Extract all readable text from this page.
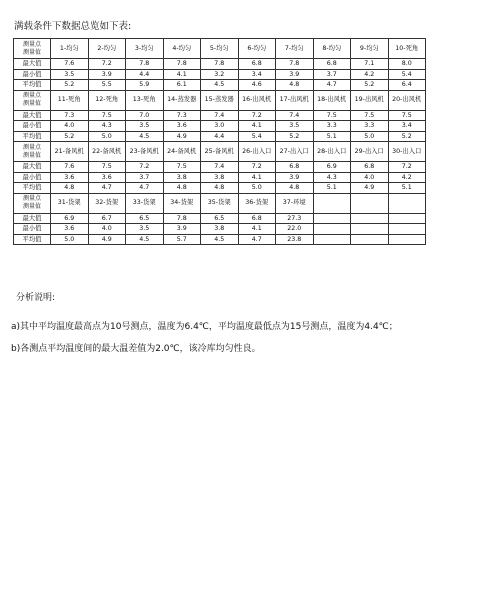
满载条件下数据总览如下表:
测量点
测量值	1-均匀	2-均匀	3-均匀	4-均匀	5-均匀	6-均匀	7-均匀	8-均匀	9-均匀	10-死角
最大值	7.6	7.2	7.8	7.8	7.8	6.8	7.8	6.8	7.1	8.0
最小值	3.5	3.9	4.4	4.1	3.2	3.4	3.9	3.7	4.2	5.4
平均值	5.2	5.5	5.9	6.1	4.5	4.6	4.8	4.7	5.2	6.4

测量点
测量值	11-死角	12-死角	13-死角	14-蒸发器	15-蒸发器	16-出风机	17-出风机	18-出风机	19-出风机	20-出风机
最大值	7.3	7.5	7.0	7.3	7.4	7.2	7.4	7.5	7.5	7.5
最小值	4.0	4.3	3.5	3.6	3.0	4.1	3.5	3.3	3.3	3.4
平均值	5.2	5.0	4.5	4.9	4.4	5.4	5.2	5.1	5.0	5.2

测量点
测量值	21-备风机	22-备风机	23-备风机	24-备风机	25-备风机	26-出入口	27-出入口	28-出入口	29-出入口	30-出入口
最大值	7.6	7.5	7.2	7.5	7.4	7.2	6.8	6.9	6.8	7.2
最小值	3.6	3.6	3.7	3.8	3.8	4.1	3.9	4.3	4.0	4.2
平均值	4.8	4.7	4.7	4.8	4.8	5.0	4.8	5.1	4.9	5.1

测量点
测量值	31-货架	32-货架	33-货架	34-货架	35-货架	36-货架	37-环境			
最大值	6.9	6.7	6.5	7.8	6.5	6.8	27.3			
最小值	3.6	4.0	3.5	3.9	3.8	4.1	22.0			
平均值	5.0	4.9	4.5	5.7	4.5	4.7	23.8			
分析说明:
a)其中平均温度最高点为10号测点，温度为6.4℃，平均温度最低点为15号测点，温度为4.4℃；
b)各测点平均温度间的最大温差值为2.0℃，该冷库均匀性良。
